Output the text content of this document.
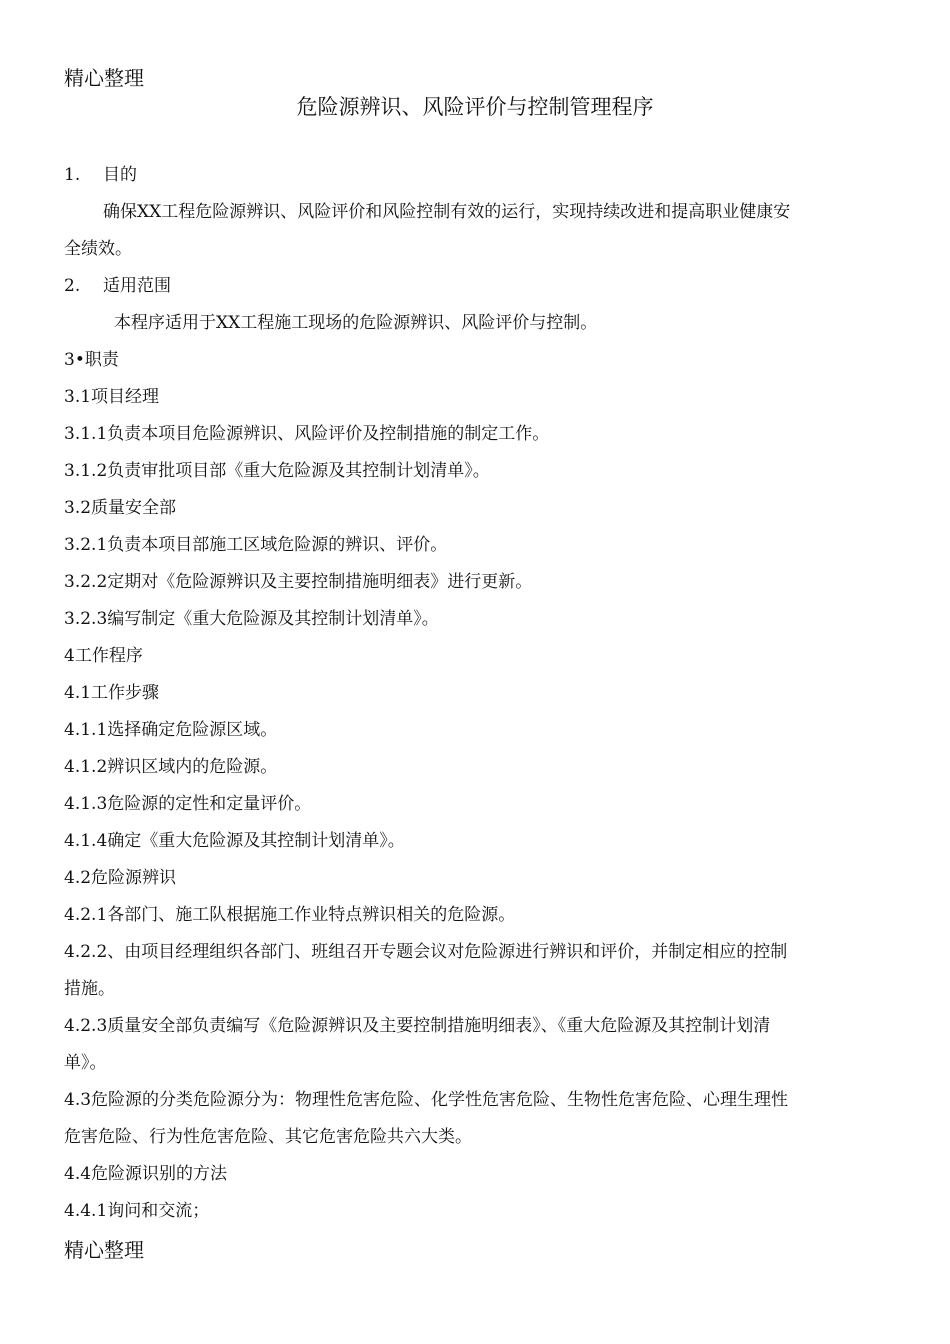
精心整理
危险源辨识、风险评价与控制管理程序
1. 目的
确保XX工程危险源辨识、风险评价和风险控制有效的运行，实现持续改进和提高职业健康安
全绩效。
2. 适用范围
本程序适用于XX工程施工现场的危险源辨识、风险评价与控制。
3•职责
3.1项目经理
3.1.1负责本项目危险源辨识、风险评价及控制措施的制定工作。
3.1.2负责审批项目部《重大危险源及其控制计划清单》。
3.2质量安全部
3.2.1负责本项目部施工区域危险源的辨识、评价。
3.2.2定期对《危险源辨识及主要控制措施明细表》进行更新。
3.2.3编写制定《重大危险源及其控制计划清单》。
4工作程序
4.1工作步骤
4.1.1选择确定危险源区域。
4.1.2辨识区域内的危险源。
4.1.3危险源的定性和定量评价。
4.1.4确定《重大危险源及其控制计划清单》。
4.2危险源辨识
4.2.1各部门、施工队根据施工作业特点辨识相关的危险源。
4.2.2、由项目经理组织各部门、班组召开专题会议对危险源进行辨识和评价，并制定相应的控制
措施。
4.2.3质量安全部负责编写《危险源辨识及主要控制措施明细表》、《重大危险源及其控制计划清
单》。
4.3危险源的分类危险源分为：物理性危害危险、化学性危害危险、生物性危害危险、心理生理性
危害危险、行为性危害危险、其它危害危险共六大类。
4.4危险源识别的方法
4.4.1询问和交流；
精心整理
